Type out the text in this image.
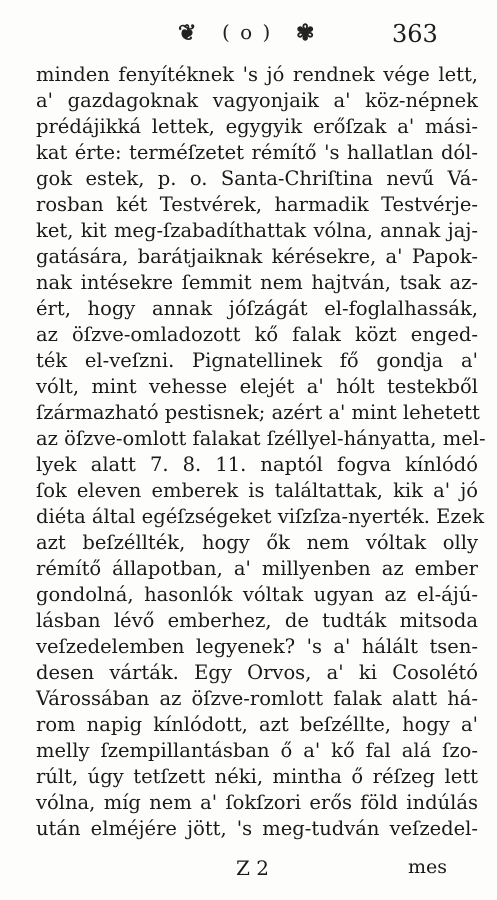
❦ ( o ) ✾	363
minden fenyítéknek 's jó rendnek vége lett,
a' gazdagoknak vagyonjaik a' köz-népnek
prédájikká lettek, egygyik erőſzak a' mási-
kat érte: terméſzetet rémítő 's hallatlan dól-
gok estek, p. o. Santa-Chriſtina nevű Vá-
rosban két Testvérek, harmadik Testvérje-
ket, kit meg-ſzabadíthattak vólna, annak jaj-
gatására, barátjaiknak kérésekre, a' Papok-
nak intésekre ſemmit nem hajtván, tsak az-
ért, hogy annak jóſzágát el-foglalhassák,
az öſzve-omladozott kő falak közt enged-
ték el-veſzni. Pignatellinek fő gondja a'
vólt, mint vehesse elejét a' hólt testekből
ſzármazható pestisnek; azért a' mint lehetett
az öſzve-omlott falakat ſzéllyel-hányatta, mel-
lyek alatt 7. 8. 11. naptól fogva kínlódó
ſok eleven emberek is találtattak, kik a' jó
diéta által egéſzségeket viſzſza-nyerték. Ezek
azt beſzéllték, hogy ők nem vóltak olly
rémítő állapotban, a' millyenben az ember
gondolná, hasonlók vóltak ugyan az el-ájú-
lásban lévő emberhez, de tudták mitsoda
veſzedelemben legyenek? 's a' hálált tsen-
desen várták. Egy Orvos, a' ki Cosolétó
Várossában az öſzve-romlott falak alatt há-
rom napig kínlódott, azt beſzéllte, hogy a'
melly ſzempillantásban ő a' kő fal alá ſzo-
rúlt, úgy tetſzett néki, mintha ő réſzeg lett
vólna, míg nem a' ſokſzori erős föld indúlás
után elméjére jött, 's meg-tudván veſzedel-
Z 2	mes
